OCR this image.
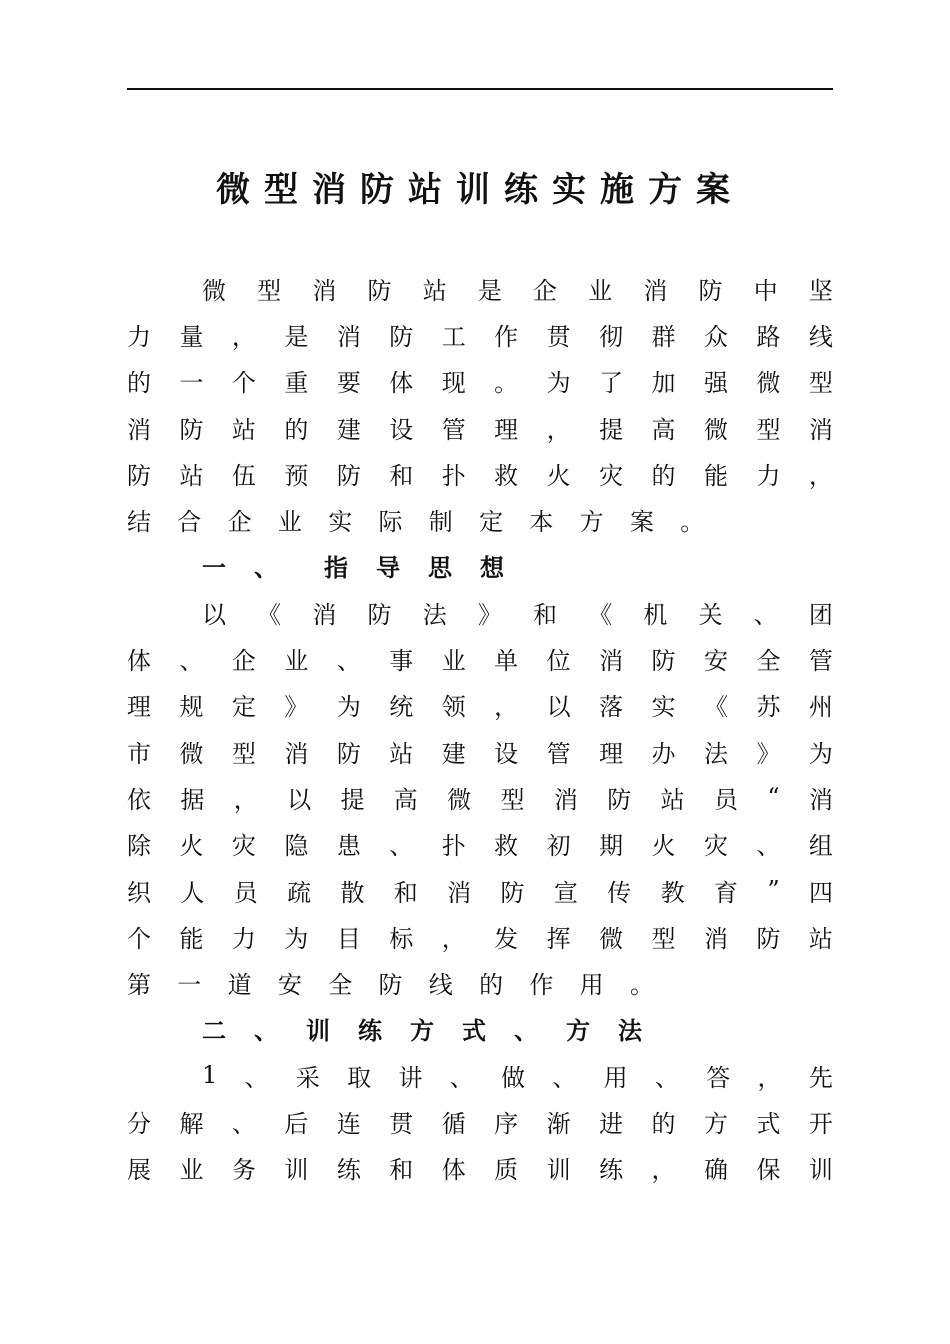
微型消防站训练实施方案
微 型 消 防 站 是 企 业 消 防 中 坚
力 量 ， 是 消 防 工 作 贯 彻 群 众 路 线
的 一 个 重 要 体 现 。 为 了 加 强 微 型
消 防 站 的 建 设 管 理 ， 提 高 微 型 消
防 站 伍 预 防 和 扑 救 火 灾 的 能 力 ，
结	合	企	业	实	际	制	定	本	方	案	。
一 、 指 导 思 想
以 《 消 防 法 》 和 《 机 关 、 团
体 、 企 业 、 事 业 单 位 消 防 安 全 管
理 规 定 》 为 统 领 ， 以 落 实 《 苏 州
市 微 型 消 防 站 建 设 管 理 办 法 》 为
依 据 ， 以 提 高 微 型 消 防 站 员 “ 消
除 火 灾 隐 患 、 扑 救 初 期 火 灾 、 组
织 人 员 疏 散 和 消 防 宣 传 教 育 ” 四
个 能 力 为 目 标 ， 发 挥 微 型 消 防 站
第	一	道	安	全	防	线	的	作	用	。
二 、 训 练 方 式 、 方 法
1 、 采 取 讲 、 做 、 用 、 答 ， 先
分 解 、 后 连 贯 循 序 渐 进 的 方 式 开
展 业 务 训 练 和 体 质 训 练 ， 确 保 训
